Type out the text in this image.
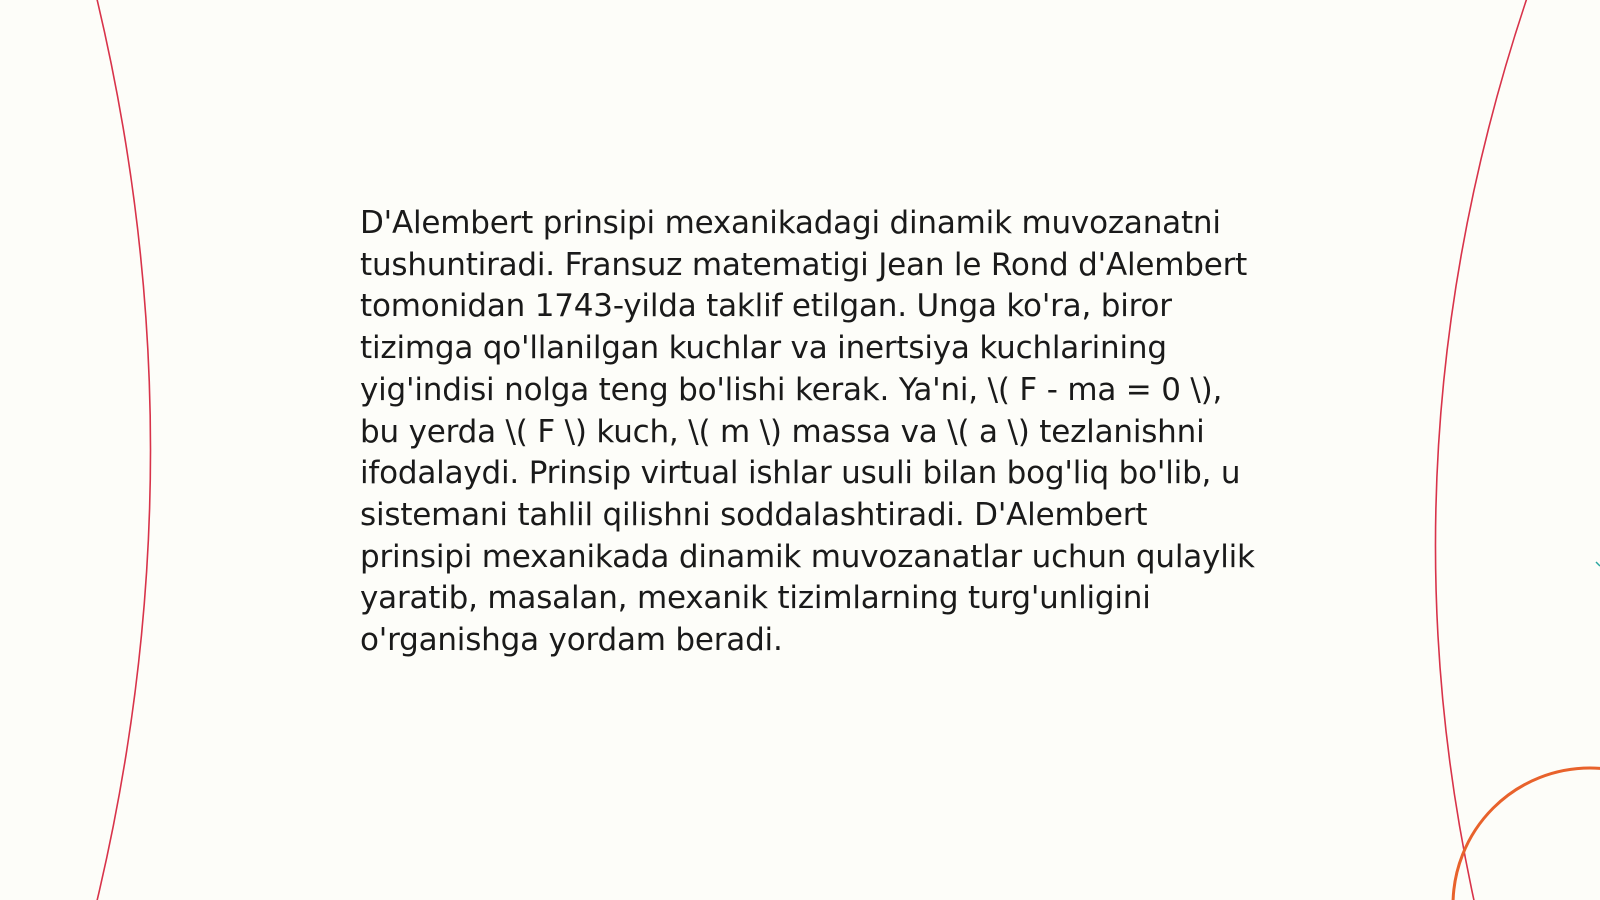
D'Alembert prinsipi mexanikadagi dinamik muvozanatni tushuntiradi. Fransuz matematigi Jean le Rond d'Alembert tomonidan 1743-yilda taklif etilgan. Unga ko'ra, biror tizimga qo'llanilgan kuchlar va inertsiya kuchlarining yig'indisi nolga teng bo'lishi kerak. Ya'ni, \( F - ma = 0 \), bu yerda \( F \) kuch, \( m \) massa va \( a \) tezlanishni ifodalaydi. Prinsip virtual ishlar usuli bilan bog'liq bo'lib, u sistemani tahlil qilishni soddalashtiradi. D'Alembert prinsipi mexanikada dinamik muvozanatlar uchun qulaylik yaratib, masalan, mexanik tizimlarning turg'unligini o'rganishga yordam beradi.
